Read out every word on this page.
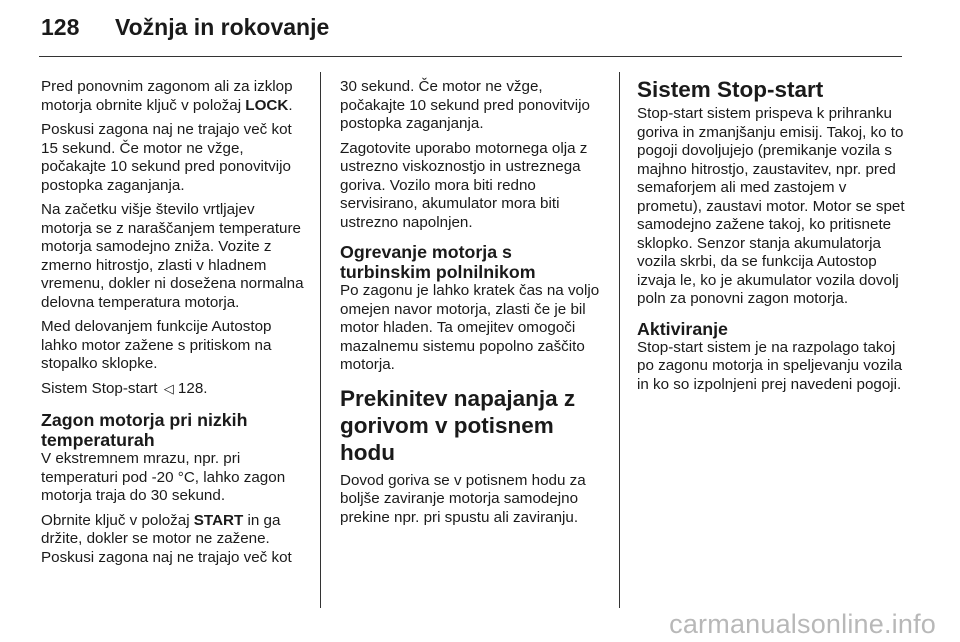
128	Vožnja in rokovanje

Pred ponovnim zagonom ali za izklop motorja obrnite ključ v položaj LOCK.

Poskusi zagona naj ne trajajo več kot 15 sekund. Če motor ne vžge, počakajte 10 sekund pred ponovitvijo postopka zaganjanja.

Na začetku višje število vrtljajev motorja se z naraščanjem temperature motorja samodejno zniža. Vozite z zmerno hitrostjo, zlasti v hladnem vremenu, dokler ni dosežena normalna delovna temperatura motorja.

Med delovanjem funkcije Autostop lahko motor zažene s pritiskom na stopalko sklopke.

Sistem Stop-start ◁ 128.

Zagon motorja pri nizkih temperaturah

V ekstremnem mrazu, npr. pri temperaturi pod -20 °C, lahko zagon motorja traja do 30 sekund.

Obrnite ključ v položaj START in ga držite, dokler se motor ne zažene. Poskusi zagona naj ne trajajo več kot

30 sekund. Če motor ne vžge, počakajte 10 sekund pred ponovitvijo postopka zaganjanja.

Zagotovite uporabo motornega olja z ustrezno viskoznostjo in ustreznega goriva. Vozilo mora biti redno servisirano, akumulator mora biti ustrezno napolnjen.

Ogrevanje motorja s turbinskim polnilnikom

Po zagonu je lahko kratek čas na voljo omejen navor motorja, zlasti če je bil motor hladen. Ta omejitev omogoči mazalnemu sistemu popolno zaščito motorja.

Prekinitev napajanja z gorivom v potisnem hodu

Dovod goriva se v potisnem hodu za boljše zaviranje motorja samodejno prekine npr. pri spustu ali zaviranju.

Sistem Stop-start

Stop-start sistem prispeva k prihranku goriva in zmanjšanju emisij. Takoj, ko to pogoji dovoljujejo (premikanje vozila s majhno hitrostjo, zaustavitev, npr. pred semaforjem ali med zastojem v prometu), zaustavi motor. Motor se spet samodejno zažene takoj, ko pritisnete sklopko. Senzor stanja akumulatorja vozila skrbi, da se funkcija Autostop izvaja le, ko je akumulator vozila dovolj poln za ponovni zagon motorja.

Aktiviranje

Stop-start sistem je na razpolago takoj po zagonu motorja in speljevanju vozila in ko so izpolnjeni prej navedeni pogoji.

carmanualsonline.info
